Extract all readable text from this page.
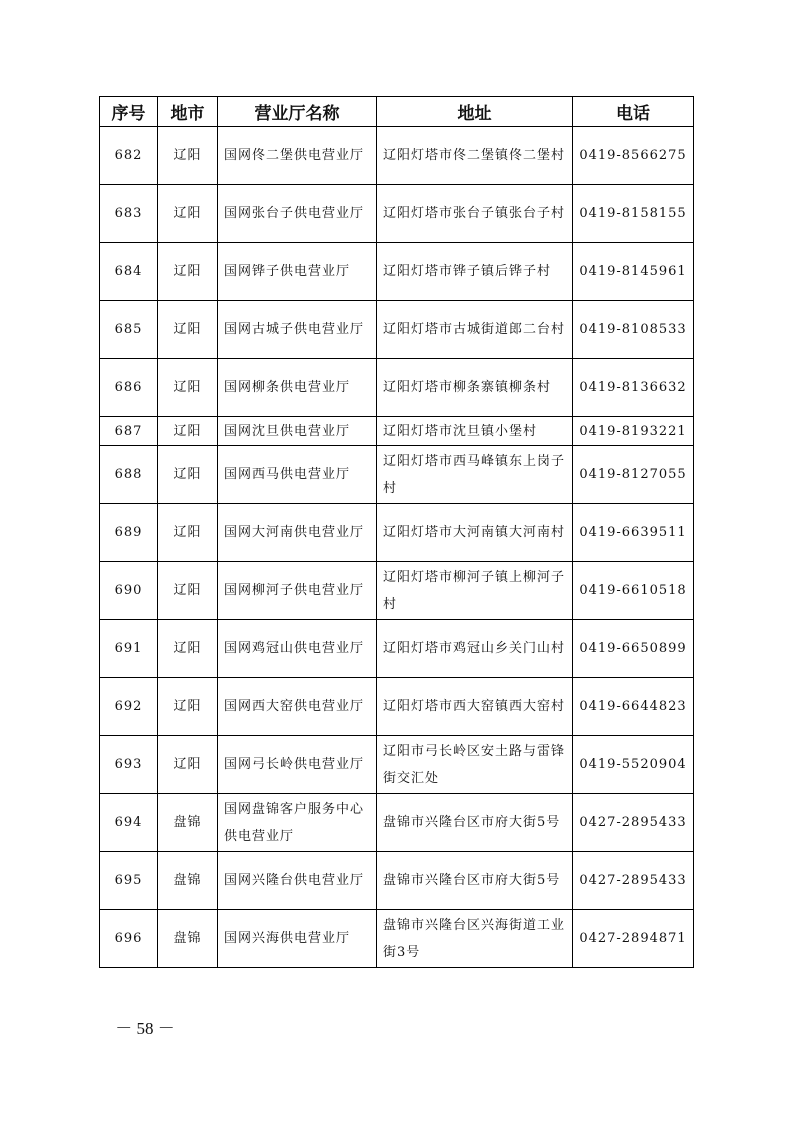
序号	地市	营业厅名称	地址	电话
682	辽阳	国网佟二堡供电营业厅	辽阳灯塔市佟二堡镇佟二堡村	0419-8566275
683	辽阳	国网张台子供电营业厅	辽阳灯塔市张台子镇张台子村	0419-8158155
684	辽阳	国网铧子供电营业厅	辽阳灯塔市铧子镇后铧子村	0419-8145961
685	辽阳	国网古城子供电营业厅	辽阳灯塔市古城街道郎二台村	0419-8108533
686	辽阳	国网柳条供电营业厅	辽阳灯塔市柳条寨镇柳条村	0419-8136632
687	辽阳	国网沈旦供电营业厅	辽阳灯塔市沈旦镇小堡村	0419-8193221
688	辽阳	国网西马供电营业厅	辽阳灯塔市西马峰镇东上岗子村	0419-8127055
689	辽阳	国网大河南供电营业厅	辽阳灯塔市大河南镇大河南村	0419-6639511
690	辽阳	国网柳河子供电营业厅	辽阳灯塔市柳河子镇上柳河子村	0419-6610518
691	辽阳	国网鸡冠山供电营业厅	辽阳灯塔市鸡冠山乡关门山村	0419-6650899
692	辽阳	国网西大窑供电营业厅	辽阳灯塔市西大窑镇西大窑村	0419-6644823
693	辽阳	国网弓长岭供电营业厅	辽阳市弓长岭区安土路与雷锋街交汇处	0419-5520904
694	盘锦	国网盘锦客户服务中心供电营业厅	盘锦市兴隆台区市府大街5号	0427-2895433
695	盘锦	国网兴隆台供电营业厅	盘锦市兴隆台区市府大街5号	0427-2895433
696	盘锦	国网兴海供电营业厅	盘锦市兴隆台区兴海街道工业街3号	0427-2894871
－ 58 －
